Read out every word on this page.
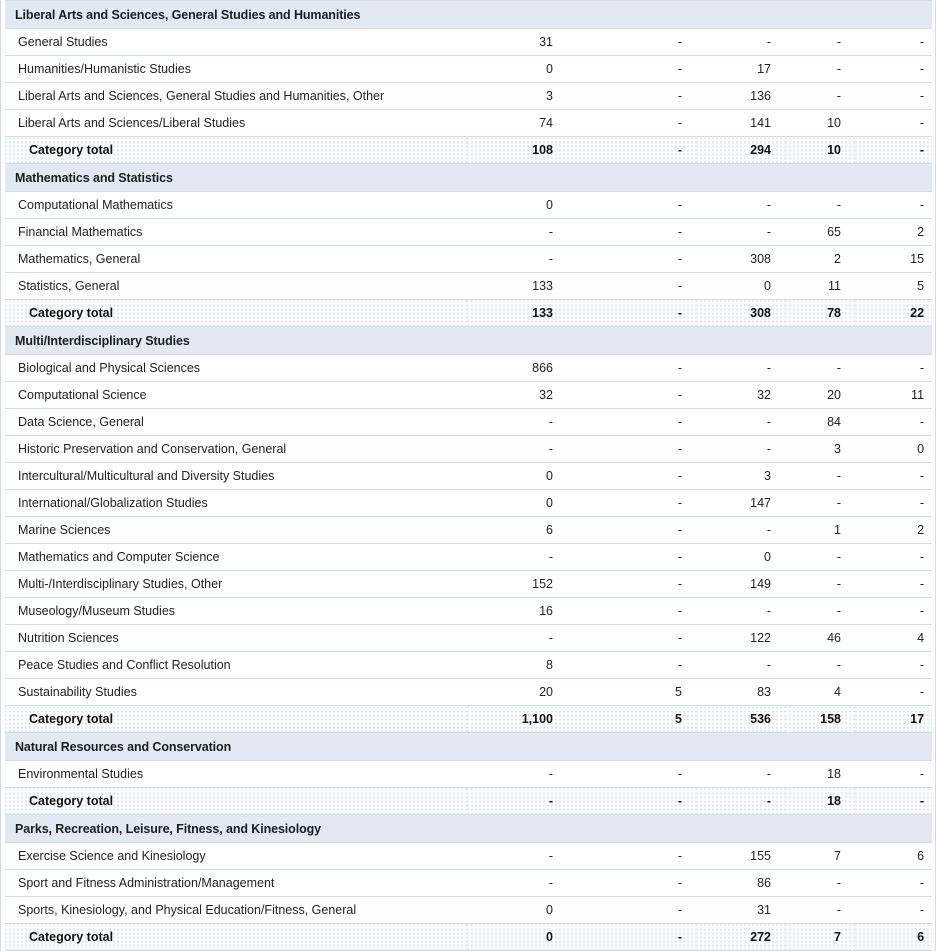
Liberal Arts and Sciences, General Studies and Humanities					
General Studies	31	-	-	-	-
Humanities/Humanistic Studies	0	-	17	-	-
Liberal Arts and Sciences, General Studies and Humanities, Other	3	-	136	-	-
Liberal Arts and Sciences/Liberal Studies	74	-	141	10	-
Category total	108	-	294	10	-
Mathematics and Statistics					
Computational Mathematics	0	-	-	-	-
Financial Mathematics	-	-	-	65	2
Mathematics, General	-	-	308	2	15
Statistics, General	133	-	0	11	5
Category total	133	-	308	78	22
Multi/Interdisciplinary Studies					
Biological and Physical Sciences	866	-	-	-	-
Computational Science	32	-	32	20	11
Data Science, General	-	-	-	84	-
Historic Preservation and Conservation, General	-	-	-	3	0
Intercultural/Multicultural and Diversity Studies	0	-	3	-	-
International/Globalization Studies	0	-	147	-	-
Marine Sciences	6	-	-	1	2
Mathematics and Computer Science	-	-	0	-	-
Multi-/Interdisciplinary Studies, Other	152	-	149	-	-
Museology/Museum Studies	16	-	-	-	-
Nutrition Sciences	-	-	122	46	4
Peace Studies and Conflict Resolution	8	-	-	-	-
Sustainability Studies	20	5	83	4	-
Category total	1,100	5	536	158	17
Natural Resources and Conservation					
Environmental Studies	-	-	-	18	-
Category total	-	-	-	18	-
Parks, Recreation, Leisure, Fitness, and Kinesiology					
Exercise Science and Kinesiology	-	-	155	7	6
Sport and Fitness Administration/Management	-	-	86	-	-
Sports, Kinesiology, and Physical Education/Fitness, General	0	-	31	-	-
Category total	0	-	272	7	6
